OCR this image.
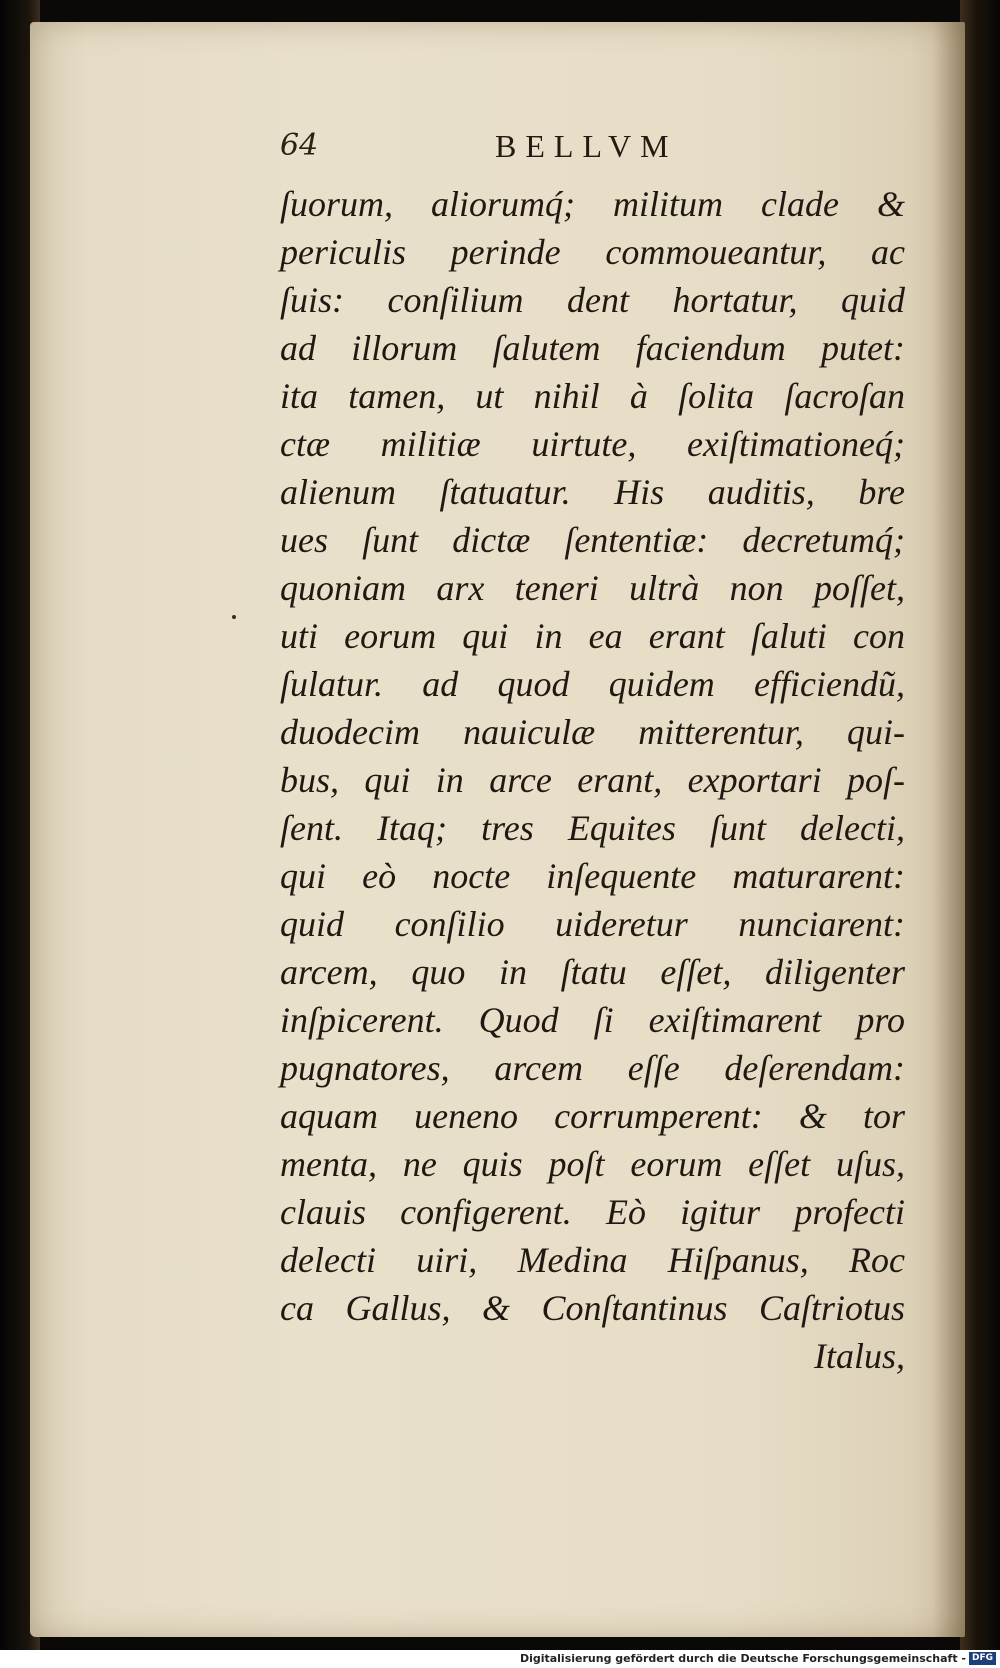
64	BELLVM
ſuorum, aliorumq́; militum clade &
periculis perinde commoueantur, ac
ſuis: conſilium dent hortatur, quid
ad illorum ſalutem faciendum putet:
ita tamen, ut nihil à ſolita ſacroſan
ctæ militiæ uirtute, exiſtimationeq́;
alienum ſtatuatur. His auditis, bre
ues ſunt dictæ ſententiæ: decretumq́;
quoniam arx teneri ultrà non poſſet,
uti eorum qui in ea erant ſaluti con
ſulatur. ad quod quidem efficiendũ,
duodecim nauiculæ mitterentur, qui-
bus, qui in arce erant, exportari poſ-
ſent. Itaq; tres Equites ſunt delecti,
qui eò nocte inſequente maturarent:
quid conſilio uideretur nunciarent:
arcem, quo in ſtatu eſſet, diligenter
inſpicerent. Quod ſi exiſtimarent pro
pugnatores, arcem eſſe deſerendam:
aquam ueneno corrumperent: & tor
menta, ne quis poſt eorum eſſet uſus,
clauis configerent. Eò igitur profecti
delecti uiri, Medina Hiſpanus, Roc
ca Gallus, & Conſtantinus Caſtriotus
Italus,
Digitalisierung gefördert durch die Deutsche Forschungsgemeinschaft - DFG
